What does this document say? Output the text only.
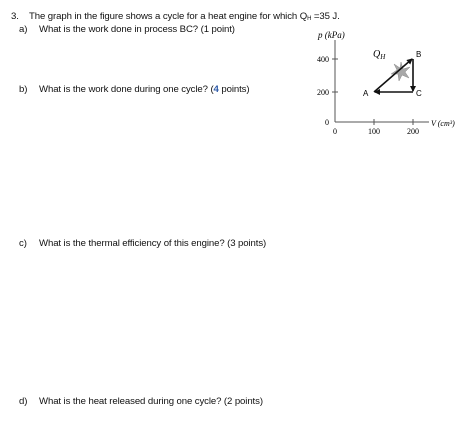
3. The graph in the figure shows a cycle for a heat engine for which $Q_H =35$ J.
a) What is the work done in process BC? (1 point)
b) What is the work done during one cycle? (4 points)
c) What is the thermal efficiency of this engine? (3 points)
d) What is the heat released during one cycle? (2 points)
p (kPa)
V (cm³)
400
200
0
0	100	200
A
B
C
$Q_H$
